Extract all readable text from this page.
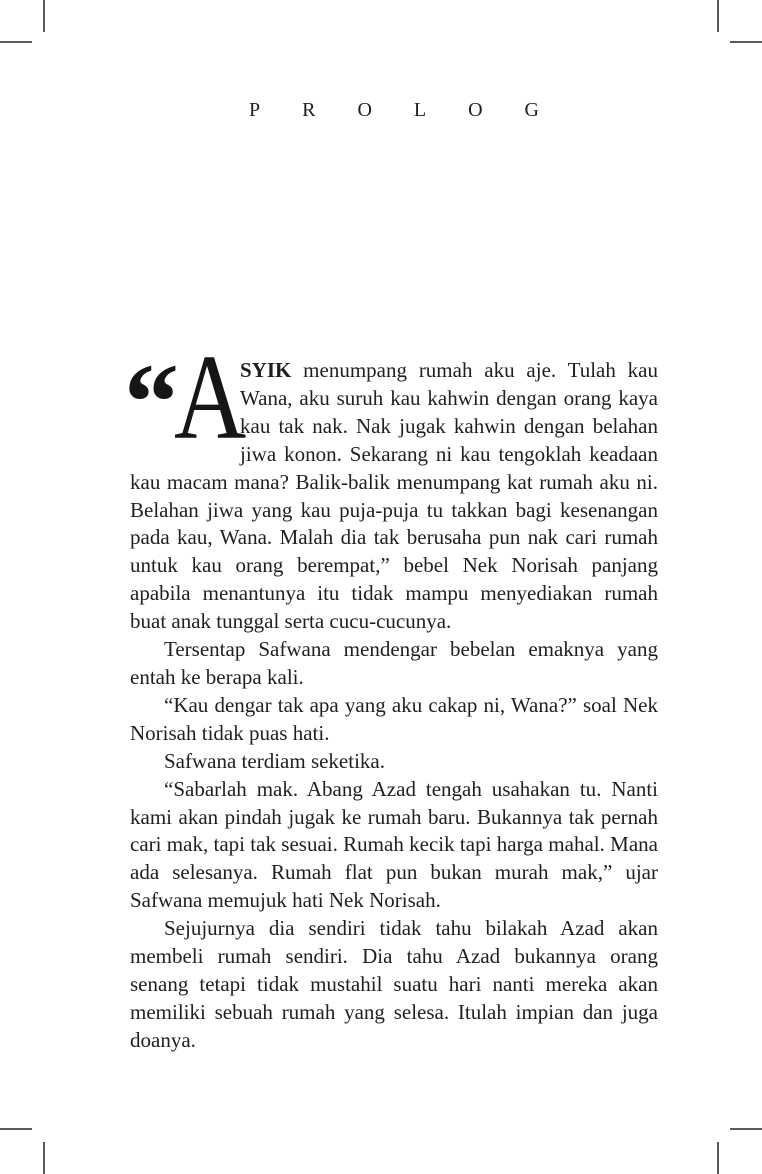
PROLOG

“ A
SYIK menumpang rumah aku aje. Tulah kau Wana, aku suruh kau kahwin dengan orang kaya kau tak nak. Nak jugak kahwin dengan belahan jiwa konon. Sekarang ni kau tengoklah keadaan kau macam mana? Balik-balik menumpang kat rumah aku ni. Belahan jiwa yang kau puja-puja tu takkan bagi kesenangan pada kau, Wana. Malah dia tak berusaha pun nak cari rumah untuk kau orang berempat,” bebel Nek Norisah panjang apabila menantunya itu tidak mampu menyediakan rumah buat anak tunggal serta cucu-cucunya.

Tersentap Safwana mendengar bebelan emaknya yang entah ke berapa kali.

“Kau dengar tak apa yang aku cakap ni, Wana?” soal Nek Norisah tidak puas hati.

Safwana terdiam seketika.

“Sabarlah mak. Abang Azad tengah usahakan tu. Nanti kami akan pindah jugak ke rumah baru. Bukannya tak pernah cari mak, tapi tak sesuai. Rumah kecik tapi harga mahal. Mana ada selesanya. Rumah flat pun bukan murah mak,” ujar Safwana memujuk hati Nek Norisah.

Sejujurnya dia sendiri tidak tahu bilakah Azad akan membeli rumah sendiri. Dia tahu Azad bukannya orang senang tetapi tidak mustahil suatu hari nanti mereka akan memiliki sebuah rumah yang selesa. Itulah impian dan juga doanya.
